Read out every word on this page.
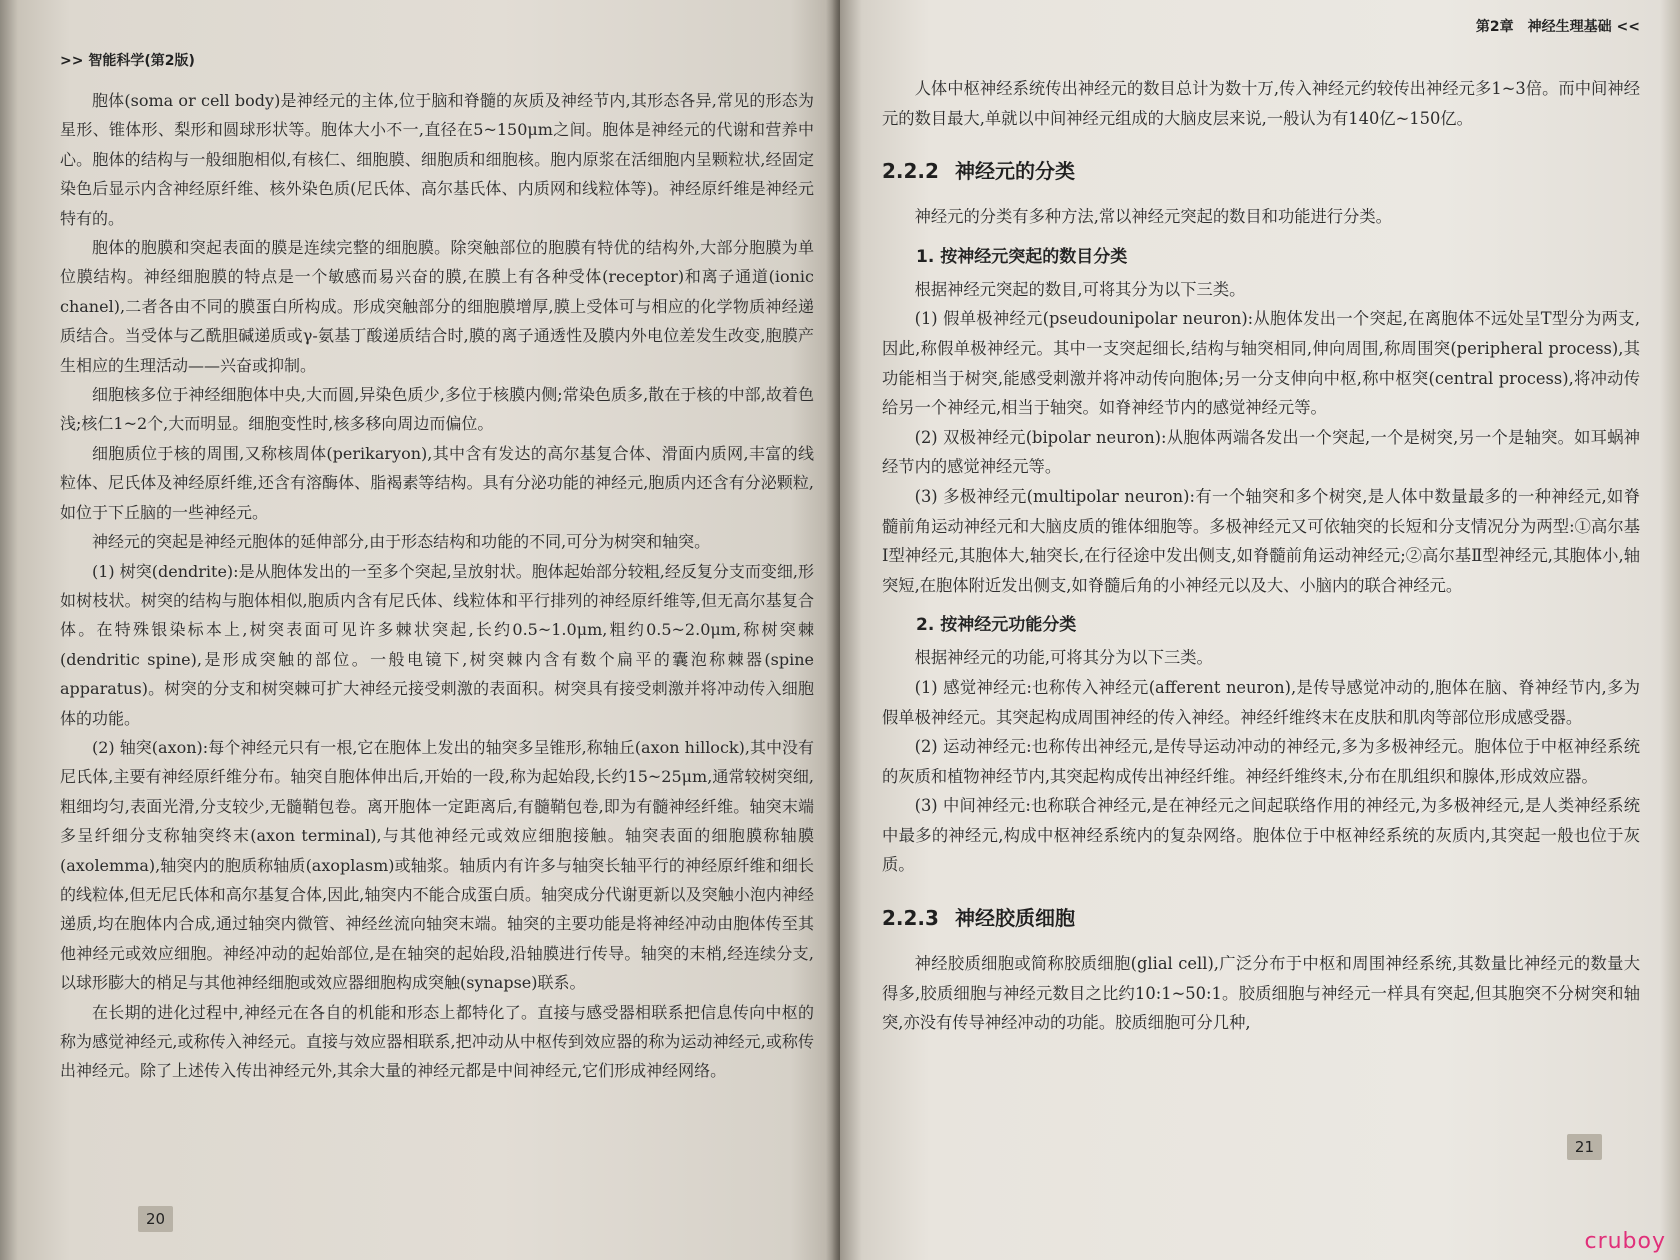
>> 智能科学(第2版)

胞体(soma or cell body)是神经元的主体,位于脑和脊髓的灰质及神经节内,其形态各异,常见的形态为星形、锥体形、梨形和圆球形状等。胞体大小不一,直径在5~150μm之间。胞体是神经元的代谢和营养中心。胞体的结构与一般细胞相似,有核仁、细胞膜、细胞质和细胞核。胞内原浆在活细胞内呈颗粒状,经固定染色后显示内含神经原纤维、核外染色质(尼氏体、高尔基氏体、内质网和线粒体等)。神经原纤维是神经元特有的。

胞体的胞膜和突起表面的膜是连续完整的细胞膜。除突触部位的胞膜有特优的结构外,大部分胞膜为单位膜结构。神经细胞膜的特点是一个敏感而易兴奋的膜,在膜上有各种受体(receptor)和离子通道(ionic chanel),二者各由不同的膜蛋白所构成。形成突触部分的细胞膜增厚,膜上受体可与相应的化学物质神经递质结合。当受体与乙酰胆碱递质或γ-氨基丁酸递质结合时,膜的离子通透性及膜内外电位差发生改变,胞膜产生相应的生理活动——兴奋或抑制。

细胞核多位于神经细胞体中央,大而圆,异染色质少,多位于核膜内侧;常染色质多,散在于核的中部,故着色浅;核仁1~2个,大而明显。细胞变性时,核多移向周边而偏位。

细胞质位于核的周围,又称核周体(perikaryon),其中含有发达的高尔基复合体、滑面内质网,丰富的线粒体、尼氏体及神经原纤维,还含有溶酶体、脂褐素等结构。具有分泌功能的神经元,胞质内还含有分泌颗粒,如位于下丘脑的一些神经元。

神经元的突起是神经元胞体的延伸部分,由于形态结构和功能的不同,可分为树突和轴突。

(1) 树突(dendrite):是从胞体发出的一至多个突起,呈放射状。胞体起始部分较粗,经反复分支而变细,形如树枝状。树突的结构与胞体相似,胞质内含有尼氏体、线粒体和平行排列的神经原纤维等,但无高尔基复合体。在特殊银染标本上,树突表面可见许多棘状突起,长约0.5~1.0μm,粗约0.5~2.0μm,称树突棘(dendritic spine),是形成突触的部位。一般电镜下,树突棘内含有数个扁平的囊泡称棘器(spine apparatus)。树突的分支和树突棘可扩大神经元接受刺激的表面积。树突具有接受刺激并将冲动传入细胞体的功能。

(2) 轴突(axon):每个神经元只有一根,它在胞体上发出的轴突多呈锥形,称轴丘(axon hillock),其中没有尼氏体,主要有神经原纤维分布。轴突自胞体伸出后,开始的一段,称为起始段,长约15~25μm,通常较树突细,粗细均匀,表面光滑,分支较少,无髓鞘包卷。离开胞体一定距离后,有髓鞘包卷,即为有髓神经纤维。轴突末端多呈纤细分支称轴突终末(axon terminal),与其他神经元或效应细胞接触。轴突表面的细胞膜称轴膜(axolemma),轴突内的胞质称轴质(axoplasm)或轴浆。轴质内有许多与轴突长轴平行的神经原纤维和细长的线粒体,但无尼氏体和高尔基复合体,因此,轴突内不能合成蛋白质。轴突成分代谢更新以及突触小泡内神经递质,均在胞体内合成,通过轴突内微管、神经丝流向轴突末端。轴突的主要功能是将神经冲动由胞体传至其他神经元或效应细胞。神经冲动的起始部位,是在轴突的起始段,沿轴膜进行传导。轴突的末梢,经连续分支,以球形膨大的梢足与其他神经细胞或效应器细胞构成突触(synapse)联系。

在长期的进化过程中,神经元在各自的机能和形态上都特化了。直接与感受器相联系把信息传向中枢的称为感觉神经元,或称传入神经元。直接与效应器相联系,把冲动从中枢传到效应器的称为运动神经元,或称传出神经元。除了上述传入传出神经元外,其余大量的神经元都是中间神经元,它们形成神经网络。

20
第2章 神经生理基础 <<

人体中枢神经系统传出神经元的数目总计为数十万,传入神经元约较传出神经元多1~3倍。而中间神经元的数目最大,单就以中间神经元组成的大脑皮层来说,一般认为有140亿~150亿。

2.2.2 神经元的分类

神经元的分类有多种方法,常以神经元突起的数目和功能进行分类。

1. 按神经元突起的数目分类

根据神经元突起的数目,可将其分为以下三类。

(1) 假单极神经元(pseudounipolar neuron):从胞体发出一个突起,在离胞体不远处呈T型分为两支,因此,称假单极神经元。其中一支突起细长,结构与轴突相同,伸向周围,称周围突(peripheral process),其功能相当于树突,能感受刺激并将冲动传向胞体;另一分支伸向中枢,称中枢突(central process),将冲动传给另一个神经元,相当于轴突。如脊神经节内的感觉神经元等。

(2) 双极神经元(bipolar neuron):从胞体两端各发出一个突起,一个是树突,另一个是轴突。如耳蜗神经节内的感觉神经元等。

(3) 多极神经元(multipolar neuron):有一个轴突和多个树突,是人体中数量最多的一种神经元,如脊髓前角运动神经元和大脑皮质的锥体细胞等。多极神经元又可依轴突的长短和分支情况分为两型:①高尔基Ⅰ型神经元,其胞体大,轴突长,在行径途中发出侧支,如脊髓前角运动神经元;②高尔基Ⅱ型神经元,其胞体小,轴突短,在胞体附近发出侧支,如脊髓后角的小神经元以及大、小脑内的联合神经元。

2. 按神经元功能分类

根据神经元的功能,可将其分为以下三类。

(1) 感觉神经元:也称传入神经元(afferent neuron),是传导感觉冲动的,胞体在脑、脊神经节内,多为假单极神经元。其突起构成周围神经的传入神经。神经纤维终末在皮肤和肌肉等部位形成感受器。

(2) 运动神经元:也称传出神经元,是传导运动冲动的神经元,多为多极神经元。胞体位于中枢神经系统的灰质和植物神经节内,其突起构成传出神经纤维。神经纤维终末,分布在肌组织和腺体,形成效应器。

(3) 中间神经元:也称联合神经元,是在神经元之间起联络作用的神经元,为多极神经元,是人类神经系统中最多的神经元,构成中枢神经系统内的复杂网络。胞体位于中枢神经系统的灰质内,其突起一般也位于灰质。

2.2.3 神经胶质细胞

神经胶质细胞或简称胶质细胞(glial cell),广泛分布于中枢和周围神经系统,其数量比神经元的数量大得多,胶质细胞与神经元数目之比约10:1~50:1。胶质细胞与神经元一样具有突起,但其胞突不分树突和轴突,亦没有传导神经冲动的功能。胶质细胞可分几种,

21
cruboy
